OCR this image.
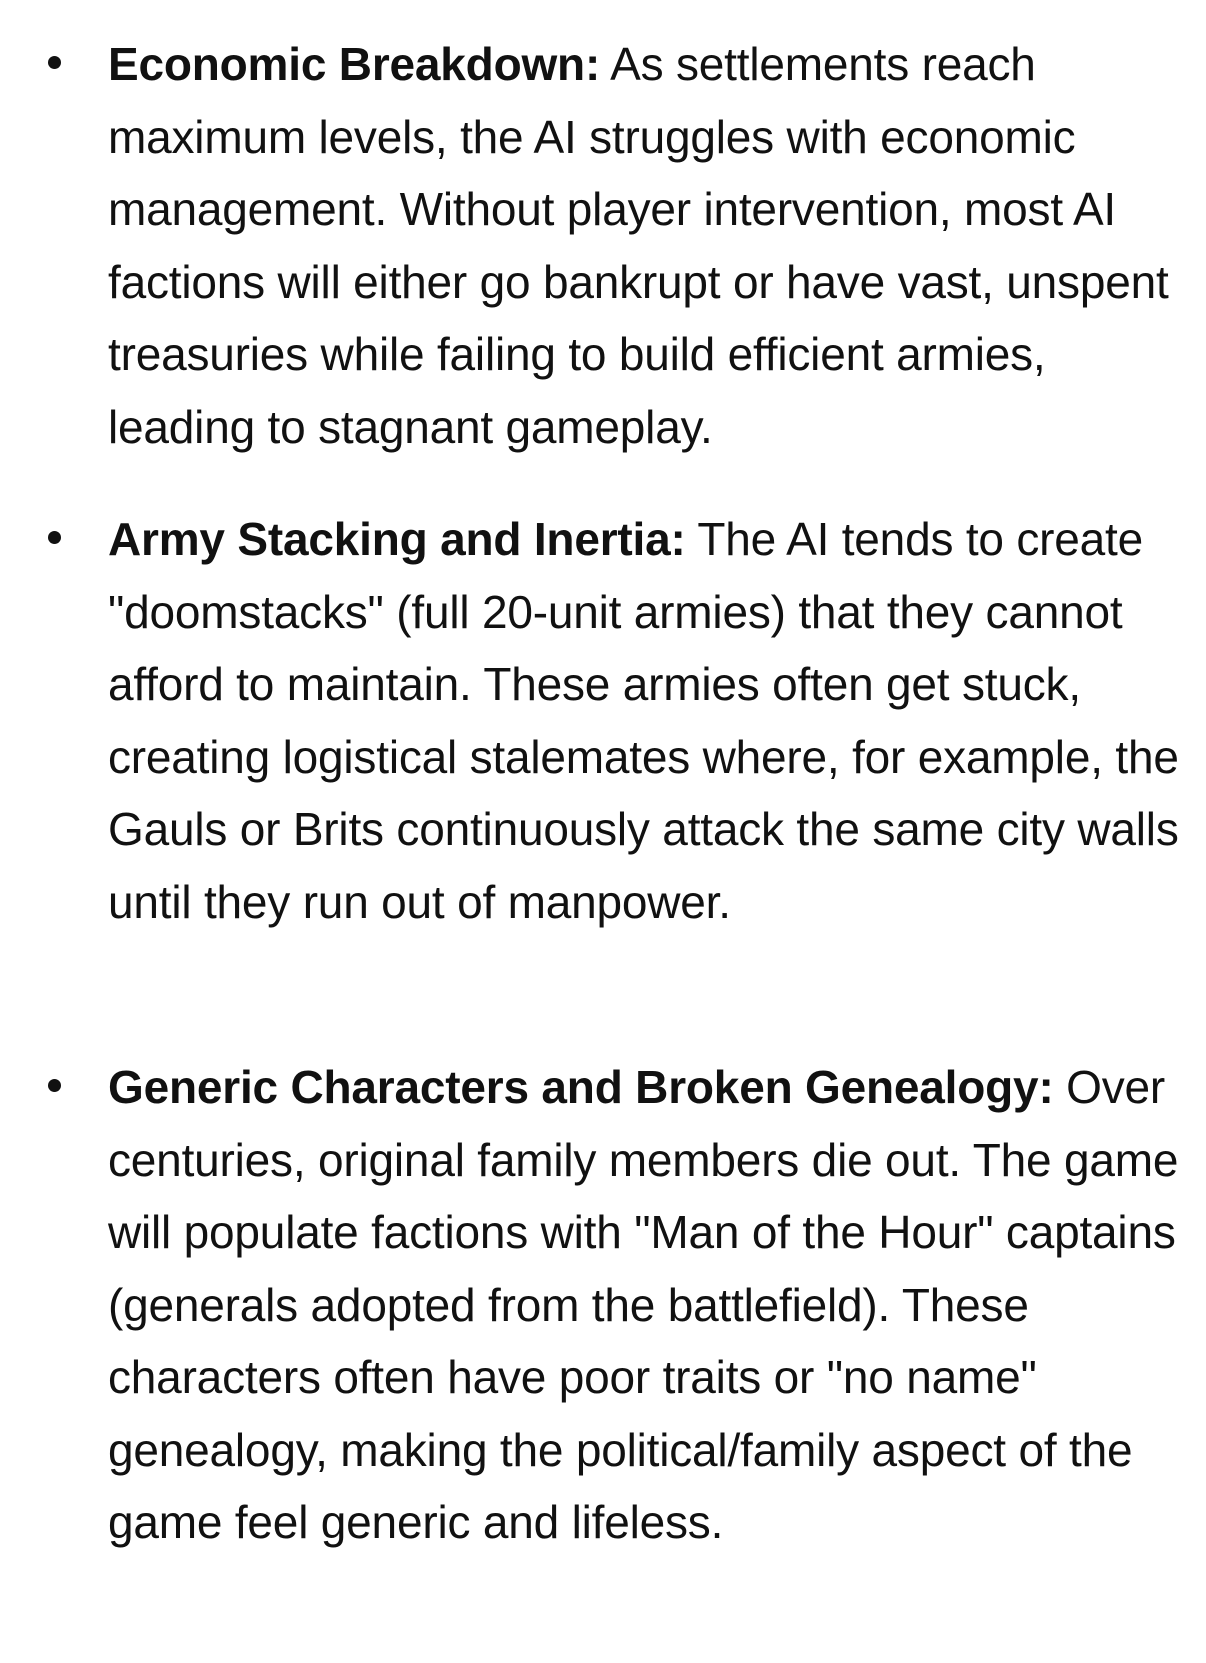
Economic Breakdown: As settlements reach maximum levels, the AI struggles with economic management. Without player intervention, most AI factions will either go bankrupt or have vast, unspent treasuries while failing to build efficient armies, leading to stagnant gameplay.
Army Stacking and Inertia: The AI tends to create "doomstacks" (full 20-unit armies) that they cannot afford to maintain. These armies often get stuck, creating logistical stalemates where, for example, the Gauls or Brits continuously attack the same city walls until they run out of manpower.
Generic Characters and Broken Genealogy: Over centuries, original family members die out. The game will populate factions with "Man of the Hour" captains (generals adopted from the battlefield). These characters often have poor traits or "no name" genealogy, making the political/family aspect of the game feel generic and lifeless.
